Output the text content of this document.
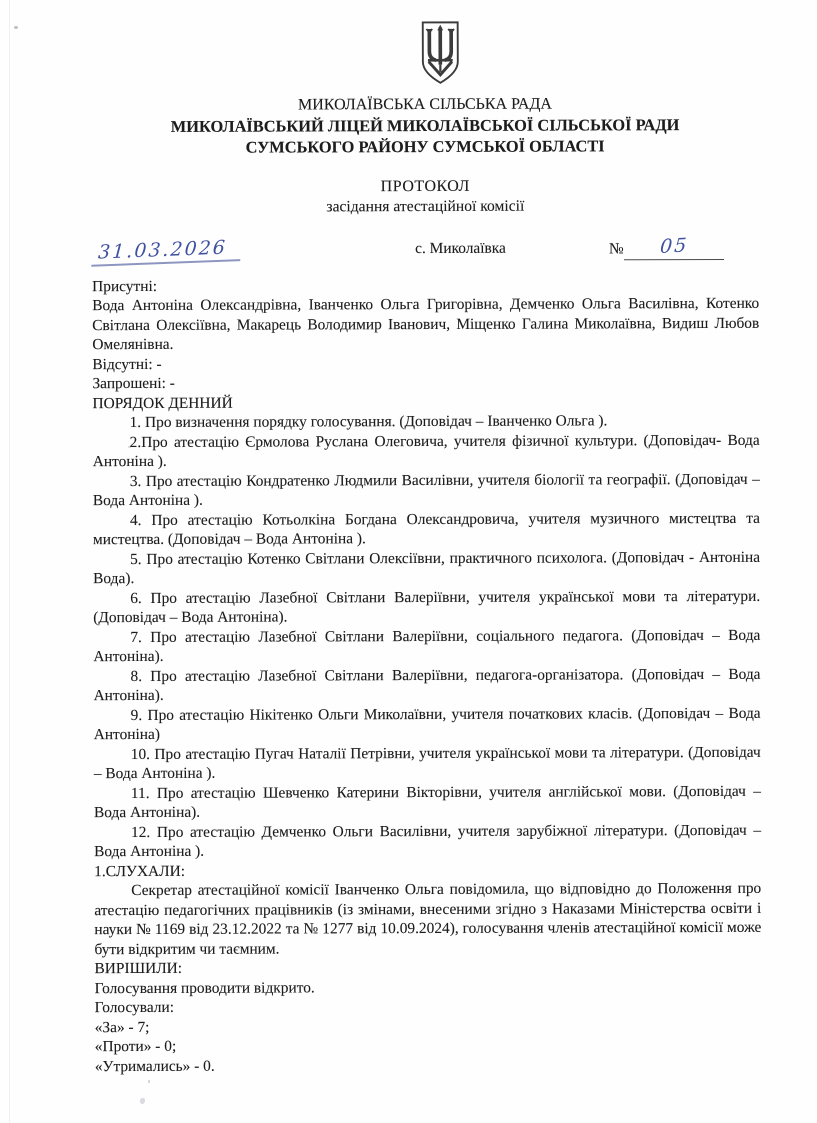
МИКОЛАЇВСЬКА СІЛЬСЬКА РАДА
МИКОЛАЇВСЬКИЙ ЛІЦЕЙ МИКОЛАЇВСЬКОЇ СІЛЬСЬКОЇ РАДИ
СУМСЬКОГО РАЙОНУ СУМСЬКОЇ ОБЛАСТІ
ПРОТОКОЛ
засідання атестаційної комісії
31.03.2026	с. Миколаївка	№ 05
Присутні:

Вода Антоніна Олександрівна, Іванченко Ольга Григорівна, Демченко Ольга Василівна, Котенко Світлана Олексіївна, Макарець Володимир Іванович, Міщенко Галина Миколаївна, Видиш Любов Омелянівна.

Відсутні: -
Запрошені: -
ПОРЯДОК ДЕННИЙ

1. Про визначення порядку голосування. (Доповідач – Іванченко Ольга ).

2.Про атестацію Єрмолова Руслана Олеговича, учителя фізичної культури. (Доповідач- Вода Антоніна ).

3. Про атестацію Кондратенко Людмили Василівни, учителя біології та географії. (Доповідач – Вода Антоніна ).

4. Про атестацію Котьолкіна Богдана Олександровича, учителя музичного мистецтва та мистецтва. (Доповідач – Вода Антоніна ).

5. Про атестацію Котенко Світлани Олексіївни, практичного психолога. (Доповідач - Антоніна Вода).

6. Про атестацію Лазебної Світлани Валеріївни, учителя української мови та літератури. (Доповідач – Вода Антоніна).

7. Про атестацію Лазебної Світлани Валеріївни, соціального педагога. (Доповідач – Вода Антоніна).

8. Про атестацію Лазебної Світлани Валеріївни, педагога-організатора. (Доповідач – Вода Антоніна).

9. Про атестацію Нікітенко Ольги Миколаївни, учителя початкових класів. (Доповідач – Вода Антоніна)

10. Про атестацію Пугач Наталії Петрівни, учителя української мови та літератури. (Доповідач – Вода Антоніна ).

11. Про атестацію Шевченко Катерини Вікторівни, учителя англійської мови. (Доповідач – Вода Антоніна).

12. Про атестацію Демченко Ольги Василівни, учителя зарубіжної літератури. (Доповідач – Вода Антоніна ).

1.СЛУХАЛИ:

Секретар атестаційної комісії Іванченко Ольга повідомила, що відповідно до Положення про атестацію педагогічних працівників (із змінами, внесеними згідно з Наказами Міністерства освіти і науки № 1169 від 23.12.2022 та № 1277 від 10.09.2024), голосування членів атестаційної комісії може бути відкритим чи таємним.

ВИРІШИЛИ:
Голосування проводити відкрито.
Голосували:
«За» - 7;
«Проти» - 0;
«Утримались» - 0.
